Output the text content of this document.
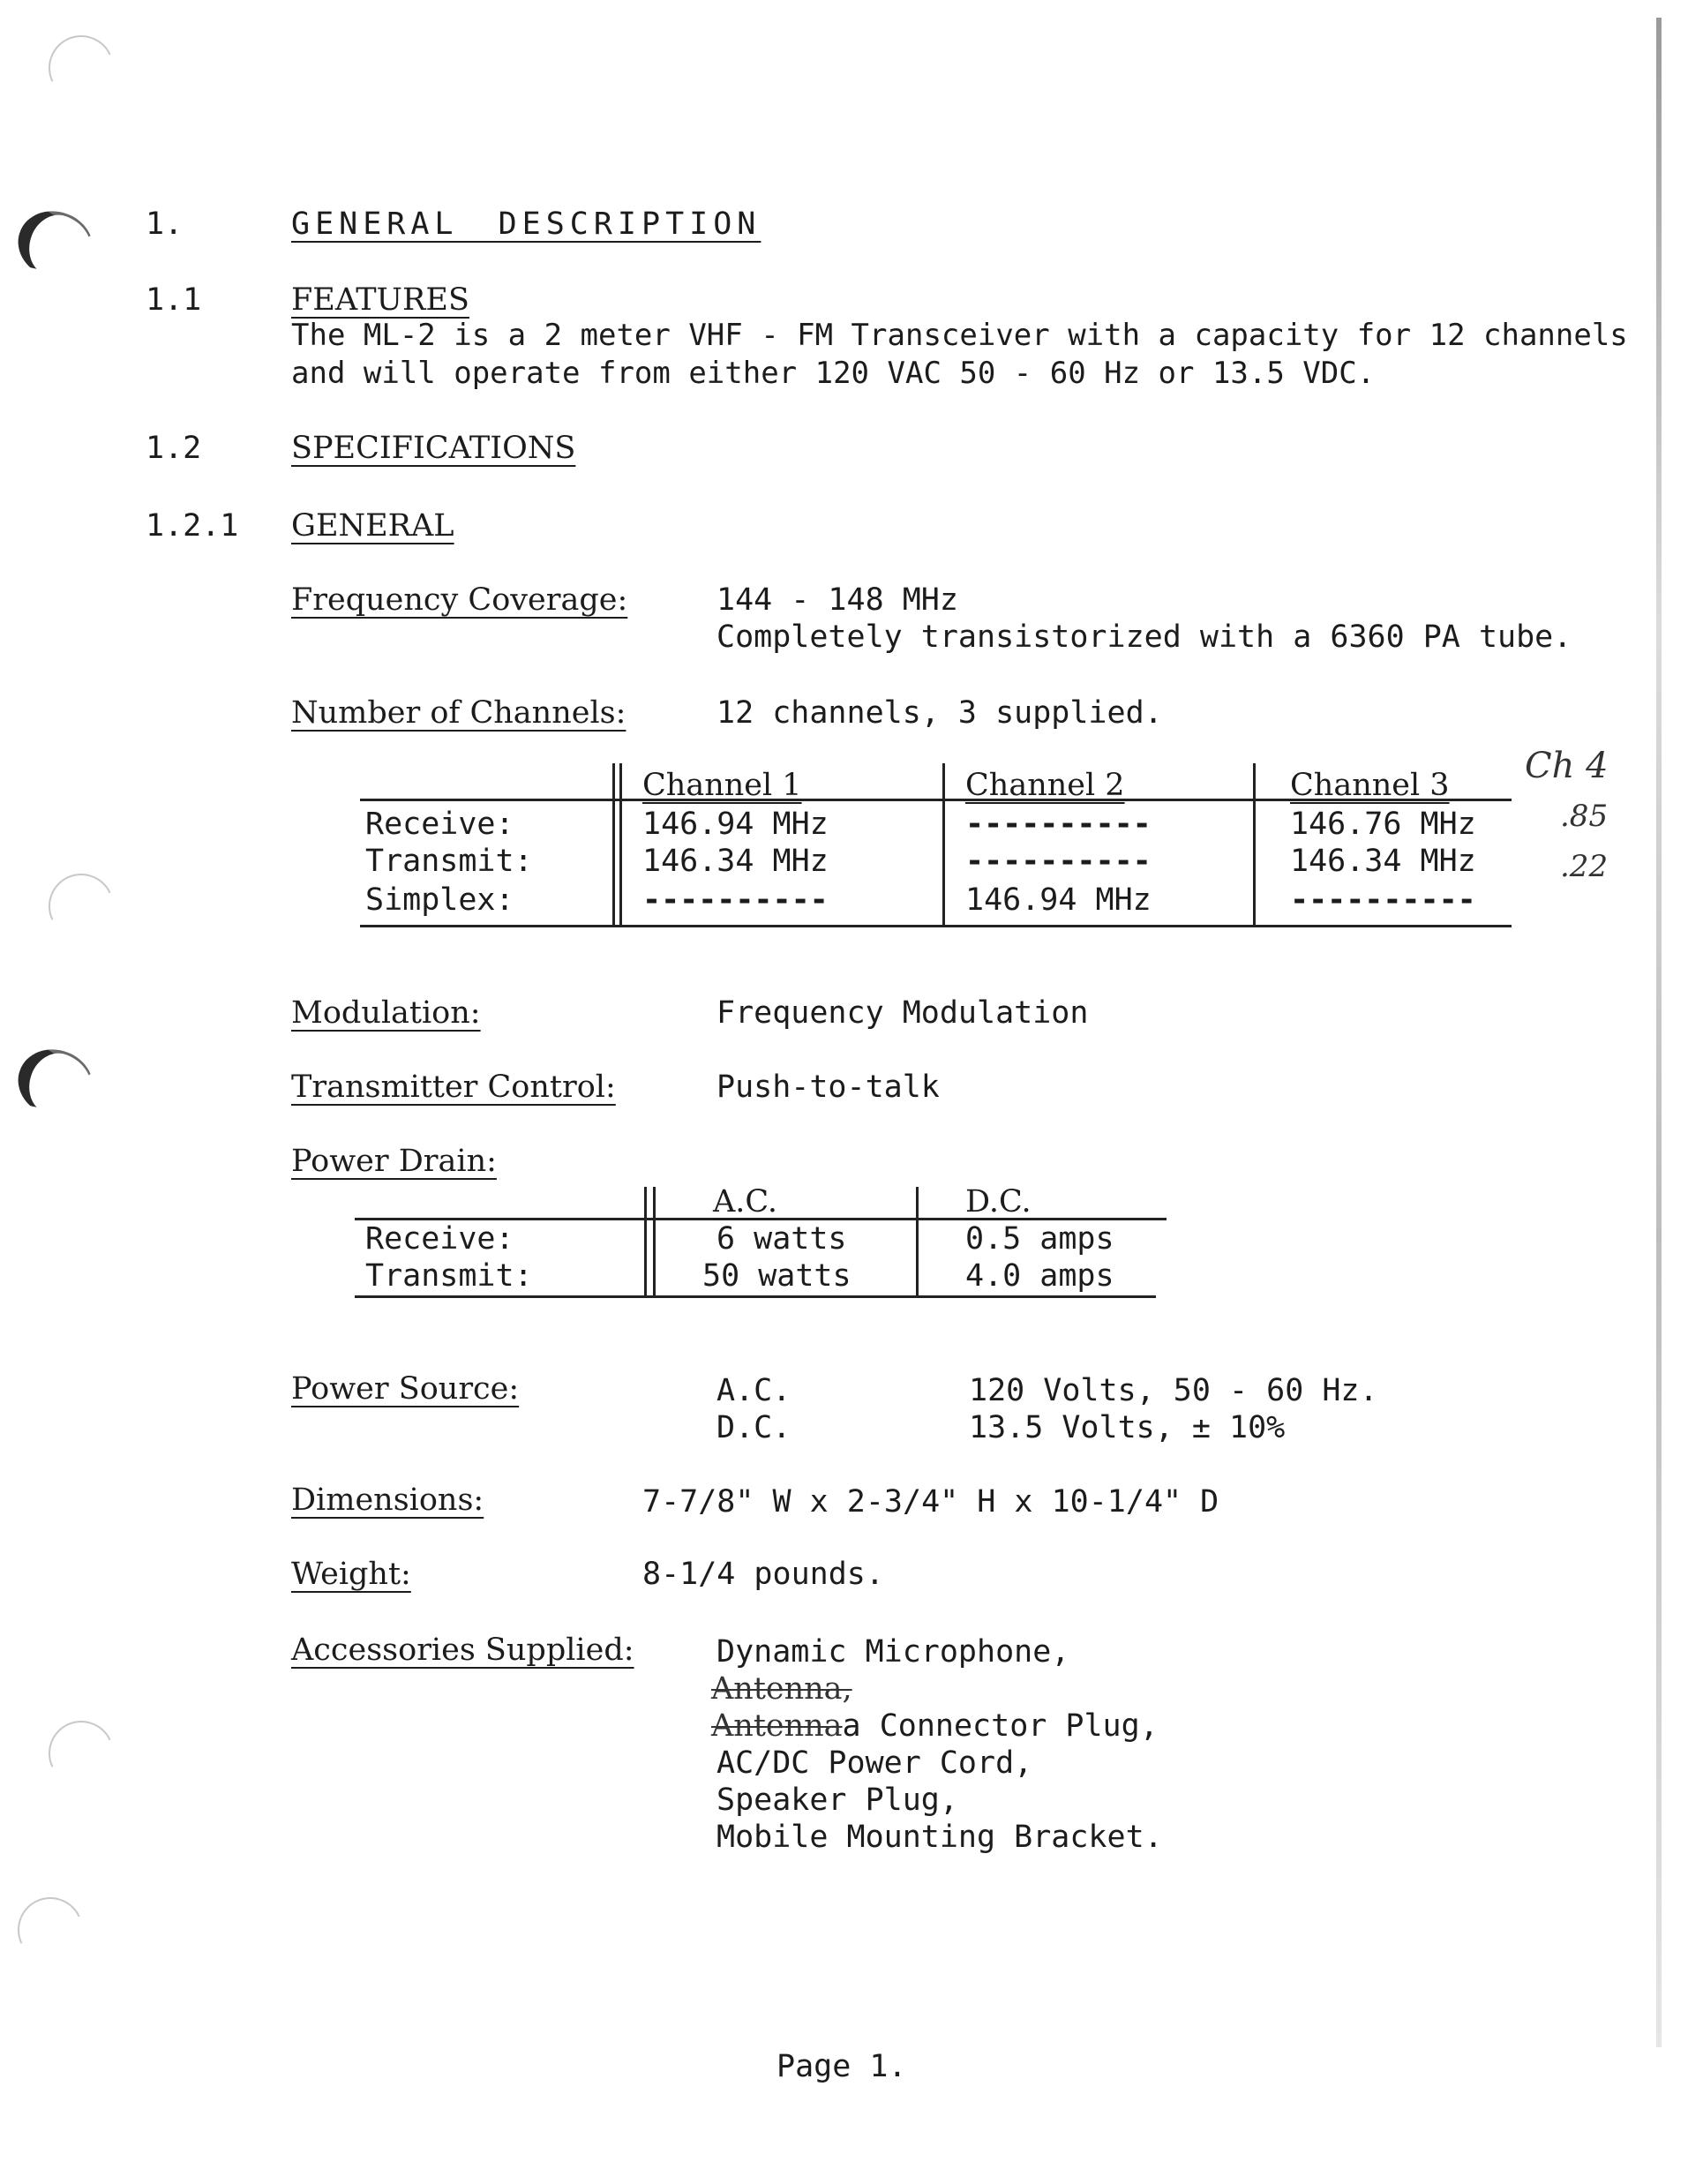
1.	GENERAL DESCRIPTION
1.1	FEATURES
The ML-2 is a 2 meter VHF - FM Transceiver with a capacity for 12 channels
and will operate from either 120 VAC 50 - 60 Hz or 13.5 VDC.
1.2	SPECIFICATIONS
1.2.1 GENERAL
Frequency Coverage:	144 - 148 MHz
Completely transistorized with a 6360 PA tube.
Number of Channels:	12 channels, 3 supplied.
Channel 1	Channel 2	Channel 3
Receive:	146.94 MHz	----------	146.76 MHz
Transmit:	146.34 MHz	----------	146.34 MHz
Simplex:	----------	146.94 MHz	----------
Ch 4
.85
.22
Modulation:	Frequency Modulation
Transmitter Control:	Push-to-talk
Power Drain:
A.C.	D.C.
Receive:	6 watts	0.5 amps
Transmit:	50 watts	4.0 amps
Power Source:	A.C.	120 Volts, 50 - 60 Hz.
D.C.	13.5 Volts, ± 10%
Dimensions:	7-7/8" W x 2-3/4" H x 10-1/4" D
Weight:	8-1/4 pounds.
Accessories Supplied:	Dynamic Microphone,
Antenna,
Antennaa Connector Plug,
AC/DC Power Cord,
Speaker Plug,
Mobile Mounting Bracket.
Page 1.
